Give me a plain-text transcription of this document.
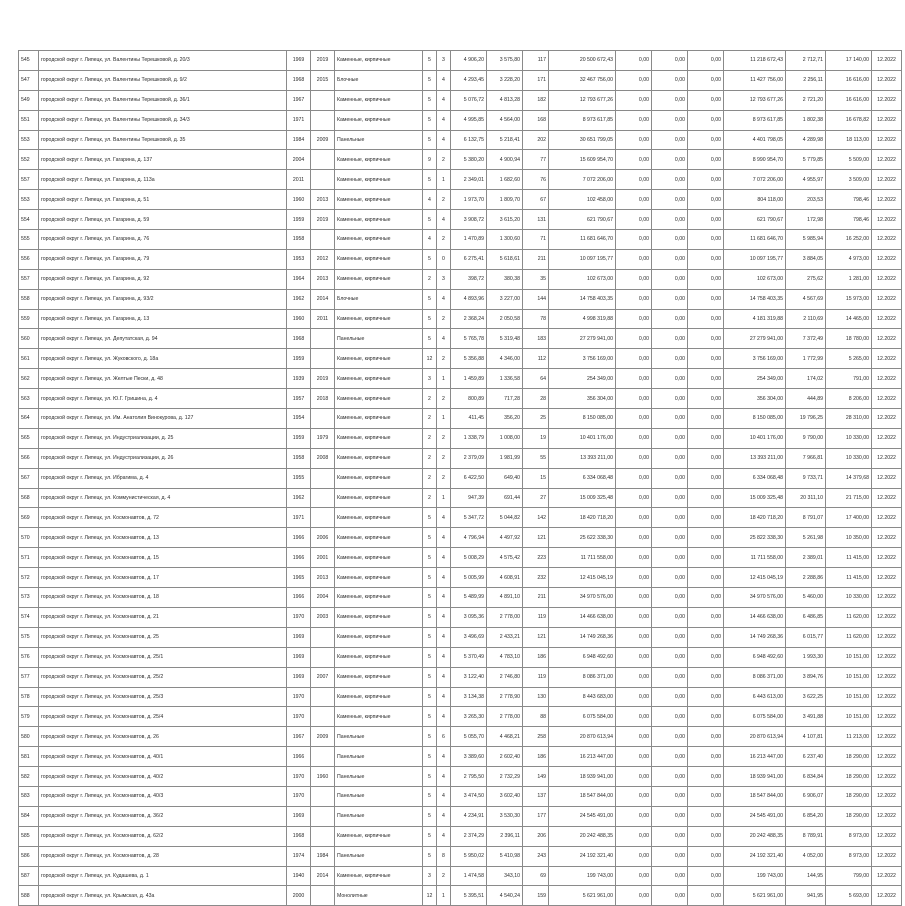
545	городской округ г. Липецк, ул. Валентины Терешковой, д. 20/3	1969	2019	Каменные, кирпичные	5	3	4 906,20	3 575,80	117	20 500 672,43	0,00	0,00	0,00	11 218 672,43	2 712,71	17 140,00	12.2022
547	городской округ г. Липецк, ул. Валентины Терешковой, д. 9/2	1968	2015	Блочные	5	4	4 293,45	3 228,20	171	32 467 756,00	0,00	0,00	0,00	11 427 756,00	2 256,11	16 616,00	12.2022
549	городской округ г. Липецк, ул. Валентины Терешковой, д. 36/1	1967		Каменные, кирпичные	5	4	5 076,72	4 813,28	182	12 793 677,26	0,00	0,00	0,00	12 793 677,26	2 721,20	16 616,00	12.2022
551	городской округ г. Липецк, ул. Валентины Терешковой, д. 34/3	1971		Каменные, кирпичные	5	4	4 995,85	4 564,00	168	8 973 617,85	0,00	0,00	0,00	8 973 617,85	1 802,38	16 678,82	12.2022
553	городской округ г. Липецк, ул. Валентины Терешковой, д. 35	1984	2009	Панельные	5	4	6 132,75	5 218,41	202	30 651 799,05	0,00	0,00	0,00	4 401 798,05	4 289,98	18 113,00	12.2022
552	городской округ г. Липецк, ул. Гагарина, д. 137	2004		Каменные, кирпичные	9	2	5 380,20	4 900,94	77	15 609 954,70	0,00	0,00	0,00	8 990 954,70	5 779,85	5 509,00	12.2022
557	городской округ г. Липецк, ул. Гагарина, д. 113а	2011		Каменные, кирпичные	5	1	2 349,01	1 682,60	76	7 072 206,00	0,00	0,00	0,00	7 072 206,00	4 955,97	3 509,00	12.2022
553	городской округ г. Липецк, ул. Гагарина, д. 51	1960	2013	Каменные, кирпичные	4	2	1 973,70	1 809,70	67	102 458,00	0,00	0,00	0,00	804 118,00	203,53	798,46	12.2022
554	городской округ г. Липецк, ул. Гагарина, д. 59	1959	2019	Каменные, кирпичные	5	4	3 908,72	3 615,20	131	621 790,67	0,00	0,00	0,00	621 790,67	172,98	798,46	12.2022
555	городской округ г. Липецк, ул. Гагарина, д. 76	1958		Каменные, кирпичные	4	2	1 470,89	1 300,60	71	11 681 646,70	0,00	0,00	0,00	11 681 646,70	5 985,94	16 252,00	12.2022
556	городской округ г. Липецк, ул. Гагарина, д. 79	1953	2012	Каменные, кирпичные	5	0	6 275,41	5 618,61	211	10 097 195,77	0,00	0,00	0,00	10 097 195,77	3 884,05	4 973,00	12.2022
557	городской округ г. Липецк, ул. Гагарина, д. 92	1964	2013	Каменные, кирпичные	2	3	398,72	380,38	35	102 673,00	0,00	0,00	0,00	102 673,00	275,62	1 281,00	12.2022
558	городской округ г. Липецк, ул. Гагарина, д. 93/2	1962	2014	Блочные	5	4	4 893,96	3 227,00	144	14 758 403,35	0,00	0,00	0,00	14 758 403,35	4 567,69	15 973,00	12.2022
559	городской округ г. Липецк, ул. Гагарина, д. 13	1960	2011	Каменные, кирпичные	5	2	2 368,24	2 050,58	78	4 998 319,88	0,00	0,00	0,00	4 181 319,88	2 110,69	14 465,00	12.2022
560	городской округ г. Липецк, ул. Депутатская, д. 94	1968		Панельные	5	4	5 765,78	5 319,48	183	27 279 941,00	0,00	0,00	0,00	27 279 941,00	7 372,49	18 780,00	12.2022
561	городской округ г. Липецк, ул. Жуковского, д. 18а	1959		Каменные, кирпичные	12	2	5 356,88	4 346,00	112	3 756 169,00	0,00	0,00	0,00	3 756 169,00	1 772,99	5 265,00	12.2022
562	городской округ г. Липецк, ул. Желтые Пески, д. 48	1939	2019	Каменные, кирпичные	3	1	1 459,89	1 336,58	64	254 349,00	0,00	0,00	0,00	254 349,00	174,02	791,00	12.2022
563	городской округ г. Липецк, ул. Ю.Г. Гришина, д. 4	1957	2018	Каменные, кирпичные	2	2	800,89	717,28	28	356 304,00	0,00	0,00	0,00	356 304,00	444,89	8 206,00	12.2022
564	городской округ г. Липецк, ул. Им. Анатолия Винокурова, д. 127	1954		Каменные, кирпичные	2	1	411,45	356,20	25	8 150 085,00	0,00	0,00	0,00	8 150 085,00	19 796,25	28 310,00	12.2022
565	городской округ г. Липецк, ул. Индустриализации, д. 25	1959	1979	Каменные, кирпичные	2	2	1 338,79	1 008,00	19	10 401 176,00	0,00	0,00	0,00	10 401 176,00	9 790,00	10 330,00	12.2022
566	городской округ г. Липецк, ул. Индустриализации, д. 26	1958	2008	Каменные, кирпичные	2	2	2 379,09	1 981,99	55	13 393 211,00	0,00	0,00	0,00	13 393 211,00	7 966,81	10 330,00	12.2022
567	городской округ г. Липецк, ул. Ибрагима, д. 4	1955		Каменные, кирпичные	2	2	6 422,50	649,40	15	6 334 068,48	0,00	0,00	0,00	6 334 068,48	9 733,71	14 379,68	12.2022
568	городской округ г. Липецк, ул. Коммунистическая, д. 4	1962		Каменные, кирпичные	2	1	947,39	691,44	27	15 009 325,48	0,00	0,00	0,00	15 009 325,48	20 311,10	21 715,00	12.2022
569	городской округ г. Липецк, ул. Космонавтов, д. 72	1971		Каменные, кирпичные	5	4	5 347,72	5 044,82	142	18 420 718,20	0,00	0,00	0,00	18 420 718,20	8 791,07	17 400,00	12.2022
570	городской округ г. Липецк, ул. Космонавтов, д. 13	1966	2006	Каменные, кирпичные	5	4	4 796,94	4 497,92	121	25 622 338,30	0,00	0,00	0,00	25 822 338,30	5 261,98	10 350,00	12.2022
571	городской округ г. Липецк, ул. Космонавтов, д. 15	1966	2001	Каменные, кирпичные	5	4	5 008,29	4 575,42	223	11 711 558,00	0,00	0,00	0,00	11 711 558,00	2 389,01	11 415,00	12.2022
572	городской округ г. Липецк, ул. Космонавтов, д. 17	1965	2013	Каменные, кирпичные	5	4	5 005,99	4 608,91	232	12 415 045,19	0,00	0,00	0,00	12 415 045,19	2 288,86	11 415,00	12.2022
573	городской округ г. Липецк, ул. Космонавтов, д. 18	1966	2004	Каменные, кирпичные	5	4	5 489,99	4 891,10	211	34 970 576,00	0,00	0,00	0,00	34 970 576,00	5 460,00	10 330,00	12.2022
574	городской округ г. Липецк, ул. Космонавтов, д. 21	1970	2003	Каменные, кирпичные	5	4	3 095,36	2 778,00	119	14 466 638,00	0,00	0,00	0,00	14 466 638,00	6 486,85	11 620,00	12.2022
575	городской округ г. Липецк, ул. Космонавтов, д. 25	1969		Каменные, кирпичные	5	4	3 496,69	2 433,21	121	14 749 268,36	0,00	0,00	0,00	14 749 268,36	6 015,77	11 620,00	12.2022
576	городской округ г. Липецк, ул. Космонавтов, д. 25/1	1969		Каменные, кирпичные	5	4	5 370,49	4 783,10	186	6 948 492,60	0,00	0,00	0,00	6 948 492,60	1 993,30	10 151,00	12.2022
577	городской округ г. Липецк, ул. Космонавтов, д. 25/2	1969	2007	Каменные, кирпичные	5	4	3 122,40	2 746,80	119	8 086 371,00	0,00	0,00	0,00	8 086 371,00	3 894,76	10 151,00	12.2022
578	городской округ г. Липецк, ул. Космонавтов, д. 25/3	1970		Каменные, кирпичные	5	4	3 134,38	2 778,90	130	8 443 683,00	0,00	0,00	0,00	6 443 613,00	3 622,25	10 151,00	12.2022
579	городской округ г. Липецк, ул. Космонавтов, д. 25/4	1970		Каменные, кирпичные	5	4	3 265,30	2 778,00	88	6 075 584,00	0,00	0,00	0,00	6 075 584,00	3 491,88	10 151,00	12.2022
580	городской округ г. Липецк, ул. Космонавтов, д. 26	1967	2009	Панельные	5	6	5 055,70	4 468,21	258	20 870 613,94	0,00	0,00	0,00	20 870 613,94	4 107,81	11 213,00	12.2022
581	городской округ г. Липецк, ул. Космонавтов, д. 40/1	1966		Панельные	5	4	3 389,60	2 602,40	186	16 213 447,00	0,00	0,00	0,00	16 213 447,00	6 237,40	18 290,00	12.2022
582	городской округ г. Липецк, ул. Космонавтов, д. 40/2	1970	1960	Панельные	5	4	2 795,50	2 732,29	149	18 939 941,00	0,00	0,00	0,00	18 939 941,00	6 834,84	18 290,00	12.2022
583	городской округ г. Липецк, ул. Космонавтов, д. 40/3	1970		Панельные	5	4	3 474,50	3 602,40	137	18 547 844,00	0,00	0,00	0,00	18 547 844,00	6 906,07	18 290,00	12.2022
584	городской округ г. Липецк, ул. Космонавтов, д. 36/2	1969		Панельные	5	4	4 234,91	3 530,30	177	24 545 491,00	0,00	0,00	0,00	24 545 491,00	6 854,20	18 290,00	12.2022
585	городской округ г. Липецк, ул. Космонавтов, д. 62/2	1968		Каменные, кирпичные	5	4	2 374,29	2 396,11	206	20 242 488,35	0,00	0,00	0,00	20 242 488,35	8 789,91	8 973,00	12.2022
586	городской округ г. Липецк, ул. Космонавтов, д. 28	1974	1984	Панельные	5	8	5 950,02	5 410,98	243	24 192 321,40	0,00	0,00	0,00	24 192 321,40	4 052,00	8 973,00	12.2022
587	городской округ г. Липецк, ул. Кудашева, д. 1	1940	2014	Каменные, кирпичные	3	2	1 474,58	343,10	69	199 743,00	0,00	0,00	0,00	199 743,00	144,95	799,00	12.2022
588	городской округ г. Липецк, ул. Крымская, д. 43а	2000		Монолитные	12	1	5 395,51	4 540,24	159	5 621 961,00	0,00	0,00	0,00	5 621 961,00	941,95	5 693,00	12.2022
